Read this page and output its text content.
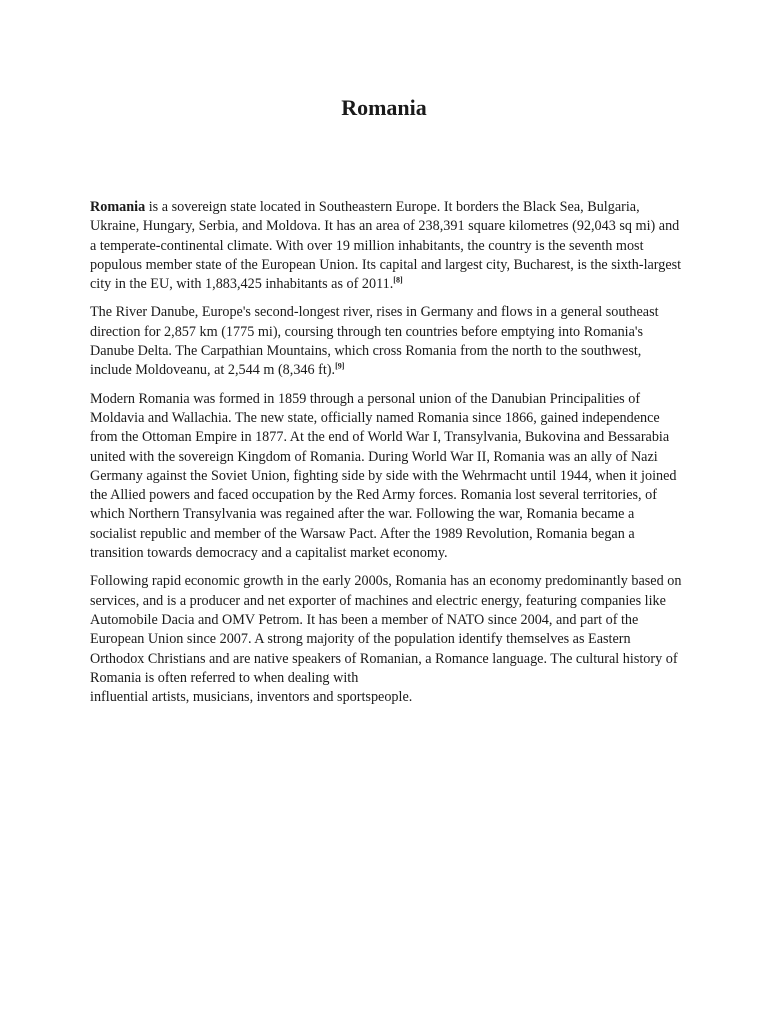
Romania

Romania is a sovereign state located in Southeastern Europe. It borders the Black Sea, Bulgaria, Ukraine, Hungary, Serbia, and Moldova. It has an area of 238,391 square kilometres (92,043 sq mi) and a temperate-continental climate. With over 19 million inhabitants, the country is the seventh most populous member state of the European Union. Its capital and largest city, Bucharest, is the sixth-largest city in the EU, with 1,883,425 inhabitants as of 2011.[8]

The River Danube, Europe's second-longest river, rises in Germany and flows in a general southeast direction for 2,857 km (1775 mi), coursing through ten countries before emptying into Romania's Danube Delta. The Carpathian Mountains, which cross Romania from the north to the southwest, include Moldoveanu, at 2,544 m (8,346 ft).[9]

Modern Romania was formed in 1859 through a personal union of the Danubian Principalities of Moldavia and Wallachia. The new state, officially named Romania since 1866, gained independence from the Ottoman Empire in 1877. At the end of World War I, Transylvania, Bukovina and Bessarabia united with the sovereign Kingdom of Romania. During World War II, Romania was an ally of Nazi Germany against the Soviet Union, fighting side by side with the Wehrmacht until 1944, when it joined the Allied powers and faced occupation by the Red Army forces. Romania lost several territories, of which Northern Transylvania was regained after the war. Following the war, Romania became a socialist republic and member of the Warsaw Pact. After the 1989 Revolution, Romania began a transition towards democracy and a capitalist market economy.

Following rapid economic growth in the early 2000s, Romania has an economy predominantly based on services, and is a producer and net exporter of machines and electric energy, featuring companies like Automobile Dacia and OMV Petrom. It has been a member of NATO since 2004, and part of the European Union since 2007. A strong majority of the population identify themselves as Eastern Orthodox Christians and are native speakers of Romanian, a Romance language. The cultural history of Romania is often referred to when dealing with
influential artists, musicians, inventors and sportspeople.
